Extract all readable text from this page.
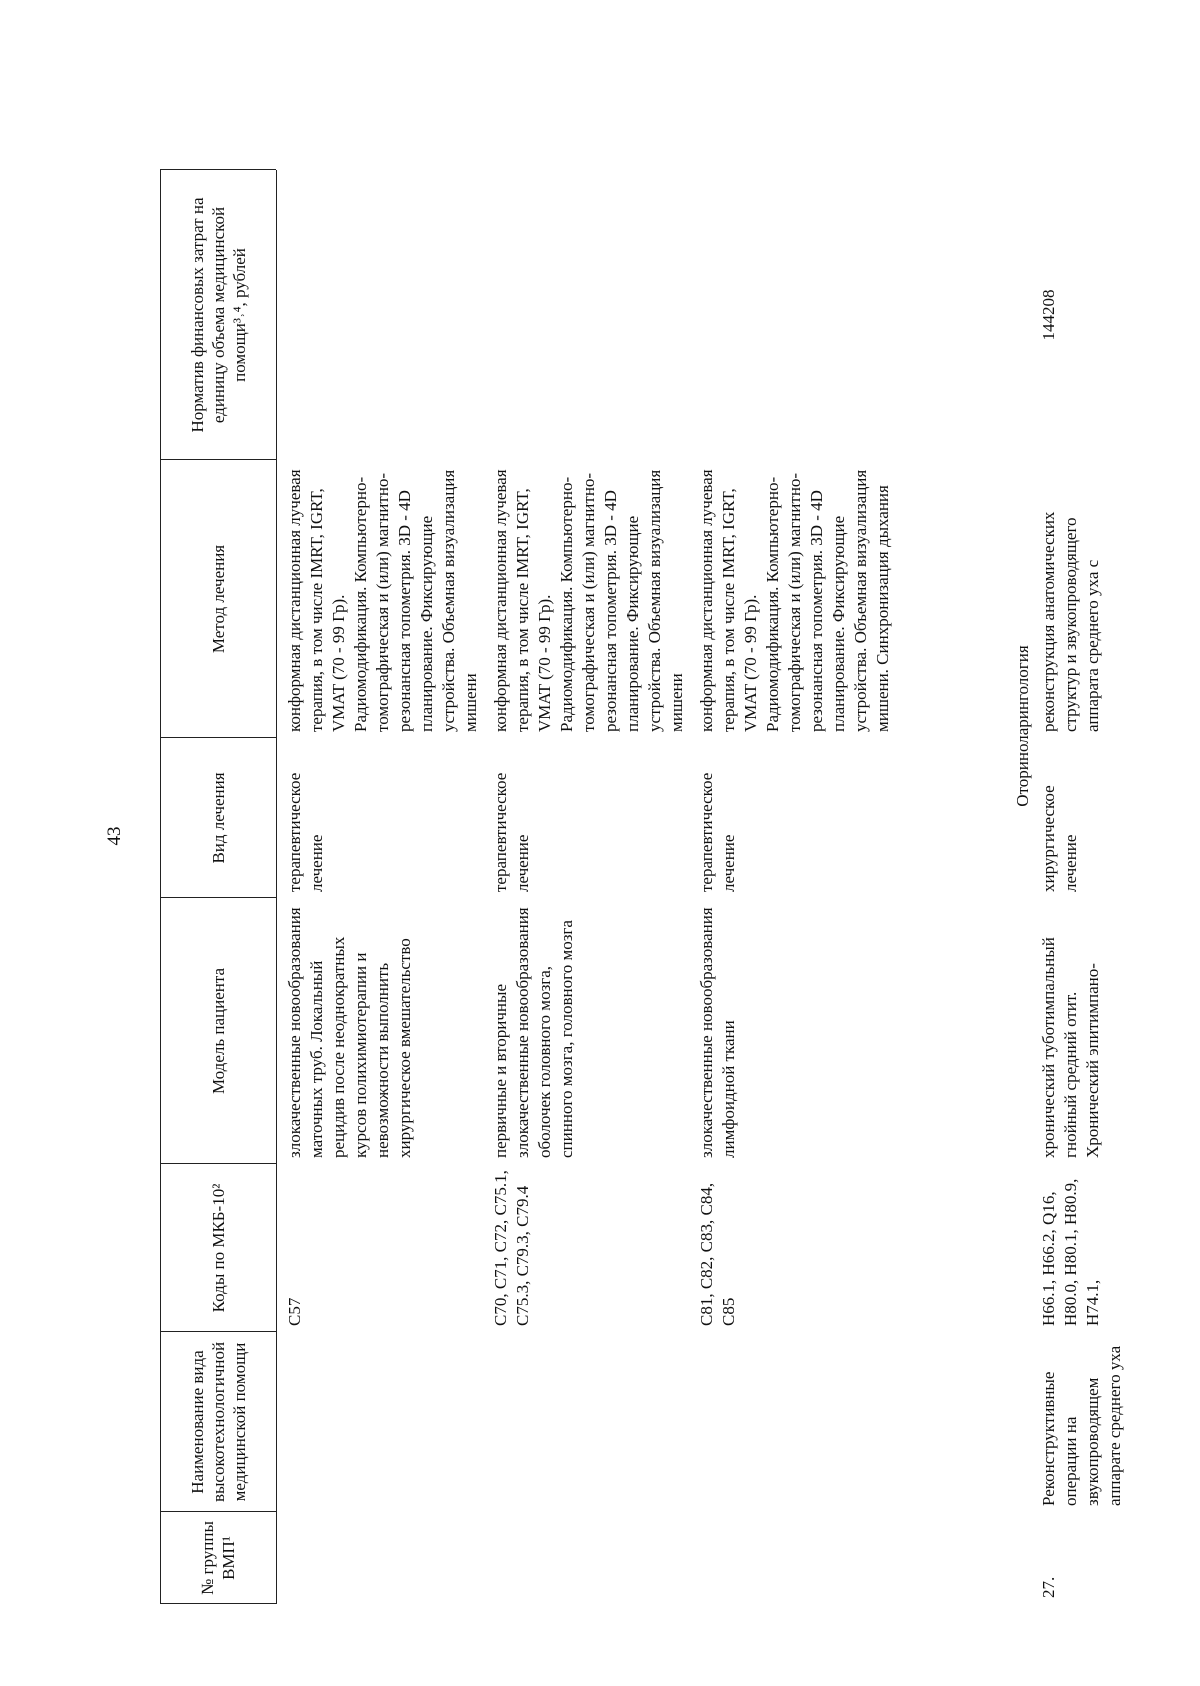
43
№ группы ВМП¹
Наименование вида высокотехнологичной медицинской помощи
Коды по МКБ-10²
Модель пациента
Вид лечения
Метод лечения
Норматив финансовых затрат на единицу объема медицинской помощи³˒⁴, рублей
С57
злокачественные новообразования маточных труб. Локальный рецидив после неоднократных курсов полихимиотерапии и невозможности выполнить хирургическое вмешательство
терапевтическое лечение
конформная дистанционная лучевая терапия, в том числе IMRT, IGRT, VMAT (70 - 99 Гр). Радиомодификация. Компьютернотомографическая и (или) магнитно-резонансная топометрия. 3D - 4D планирование. Фиксирующие устройства. Объемная визуализация мишени
С70, С71, С72, С75.1, С75.3, С79.3, С79.4
первичные и вторичные злокачественные новообразования оболочек головного мозга, спинного мозга, головного мозга
терапевтическое лечение
конформная дистанционная лучевая терапия, в том числе IMRT, IGRT, VMAT (70 - 99 Гр). Радиомодификация. Компьютернотомографическая и (или) магнитно-резонансная топометрия. 3D - 4D планирование. Фиксирующие устройства. Объемная визуализация мишени
С81, С82, С83, С84, С85
злокачественные новообразования лимфоидной ткани
терапевтическое лечение
конформная дистанционная лучевая терапия, в том числе IMRT, IGRT, VMAT (70 - 99 Гр). Радиомодификация. Компьютернотомографическая и (или) магнитно-резонансная топометрия. 3D - 4D планирование. Фиксирующие устройства. Объемная визуализация мишени. Синхронизация дыхания	Оториноларингология
27.
Реконструктивные операции на звукопроводящем аппарате среднего уха
H66.1, H66.2, Q16, H80.0, H80.1, H80.9, H74.1,
хронический туботимпальный гнойный средний отит. Хронический эпитимпано-
хирургическое лечение
реконструкция анатомических структур и звукопроводящего аппарата среднего уха с
144208
